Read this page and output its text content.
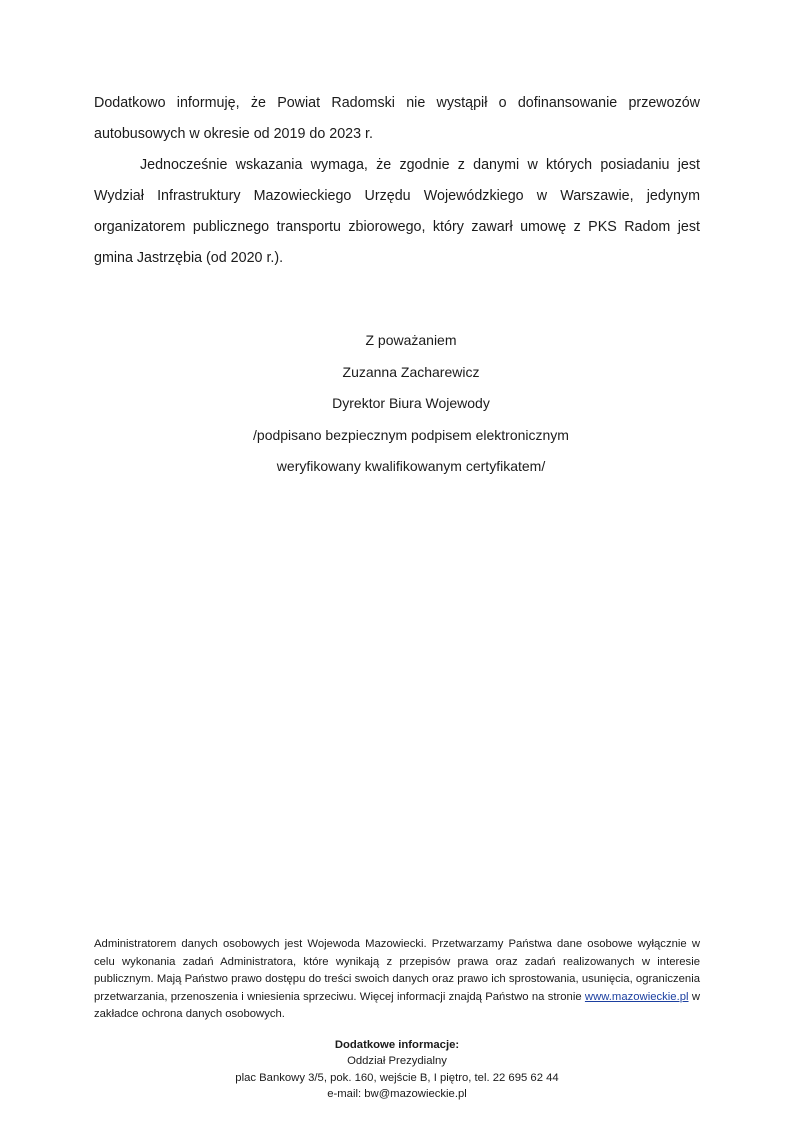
Dodatkowo informuję, że Powiat Radomski nie wystąpił o dofinansowanie przewozów autobusowych w okresie od 2019 do 2023 r.

Jednocześnie wskazania wymaga, że zgodnie z danymi w których posiadaniu jest Wydział Infrastruktury Mazowieckiego Urzędu Wojewódzkiego w Warszawie, jedynym organizatorem publicznego transportu zbiorowego, który zawarł umowę z PKS Radom jest gmina Jastrzębia (od 2020 r.).

Z poważaniem
Zuzanna Zacharewicz
Dyrektor Biura Wojewody
/podpisano bezpiecznym podpisem elektronicznym
weryfikowany kwalifikowanym certyfikatem/

Administratorem danych osobowych jest Wojewoda Mazowiecki. Przetwarzamy Państwa dane osobowe wyłącznie w celu wykonania zadań Administratora, które wynikają z przepisów prawa oraz zadań realizowanych w interesie publicznym. Mają Państwo prawo dostępu do treści swoich danych oraz prawo ich sprostowania, usunięcia, ograniczenia przetwarzania, przenoszenia i wniesienia sprzeciwu. Więcej informacji znajdą Państwo na stronie www.mazowieckie.pl w zakładce ochrona danych osobowych.

Dodatkowe informacje:
Oddział Prezydialny
plac Bankowy 3/5, pok. 160, wejście B, I piętro, tel. 22 695 62 44
e-mail: bw@mazowieckie.pl
